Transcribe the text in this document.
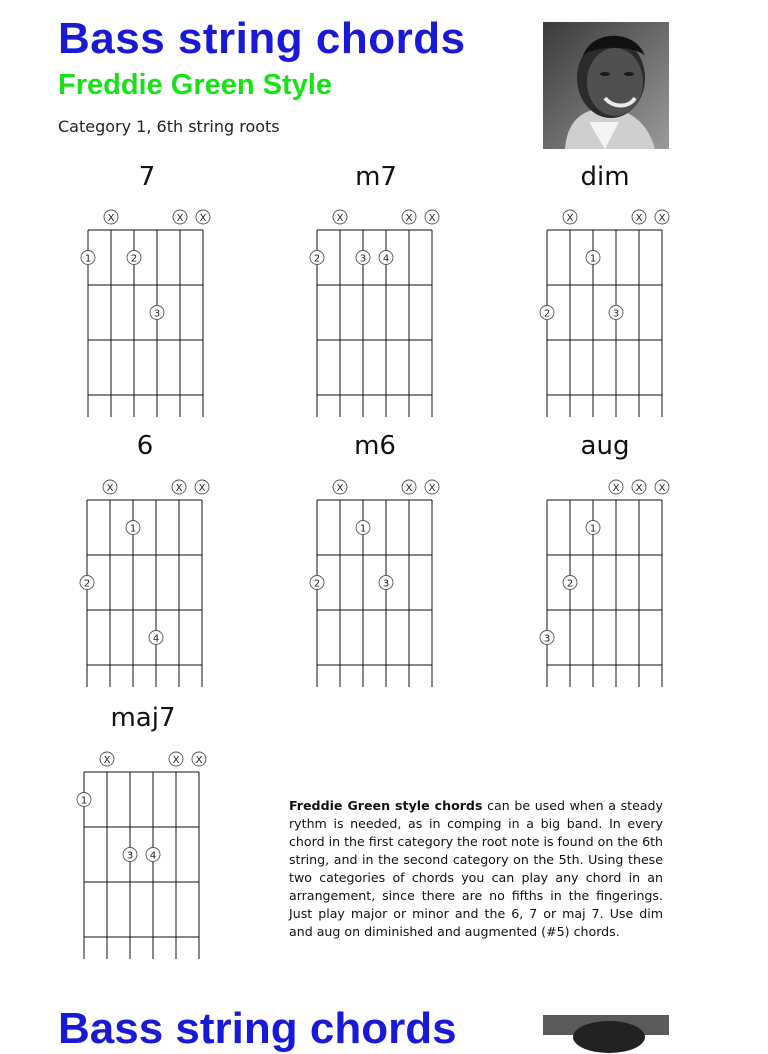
Bass string chords
Freddie Green Style
Category 1, 6th string roots
7
X	X X
1	2
3
m7
X	X X
2	3 4
dim
X	X X
1
2	3
6
X	X X
1
2
4
m6
X	X X
1
2	3
aug
X X X
1
2
3
maj7
X	X X
1
3 4
Freddie Green style chords can be used when a steady rythm is needed, as in comping in a big band. In every chord in the first category the root note is found on the 6th string, and in the second category on the 5th. Using these two categories of chords you can play any chord in an arrangement, since there are no fifths in the fingerings. Just play major or minor and the 6, 7 or maj 7. Use dim and aug on diminished and augmented (#5) chords.
Bass string chords
